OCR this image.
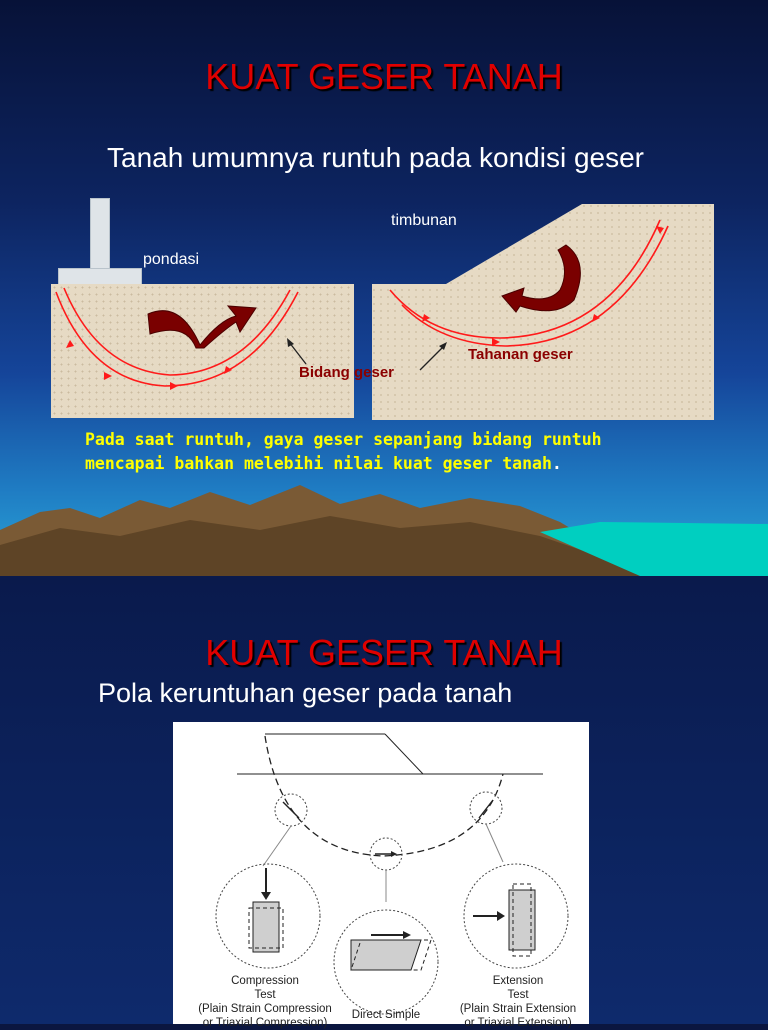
KUAT GESER TANAH
Tanah umumnya runtuh pada kondisi geser
pondasi
timbunan
Bidang geser
Tahanan geser
Pada saat runtuh, gaya geser sepanjang bidang runtuh
mencapai bahkan melebihi nilai kuat geser tanah.
KUAT GESER TANAH
Pola keruntuhan geser pada tanah
Compression
Test
(Plain Strain Compression
or Triaxial Compression)
Direct Simple
Extension
Test
(Plain Strain Extension
or Triaxial Extension)
